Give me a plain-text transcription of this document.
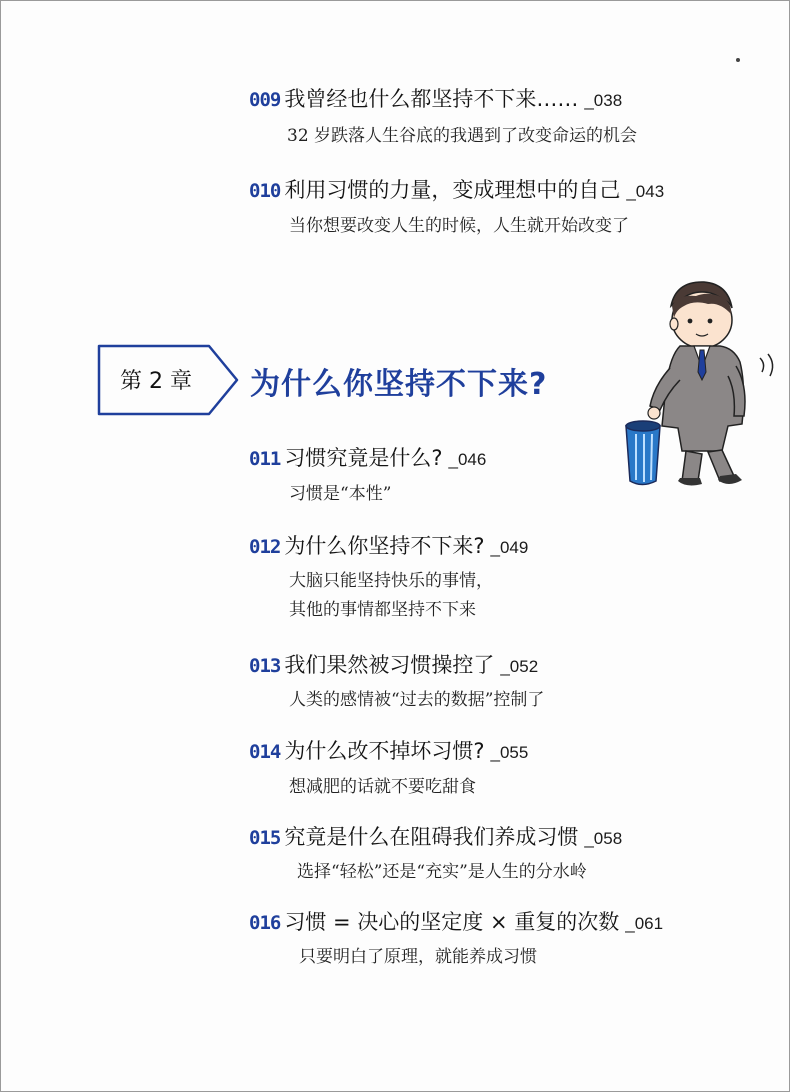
009 我曾经也什么都坚持不下来…… _038
32 岁跌落人生谷底的我遇到了改变命运的机会
010 利用习惯的力量，变成理想中的自己 _043
当你想要改变人生的时候，人生就开始改变了
第 2 章	为什么你坚持不下来?
011 习惯究竟是什么? _046
习惯是“本性”
012 为什么你坚持不下来? _049
大脑只能坚持快乐的事情，
其他的事情都坚持不下来
013 我们果然被习惯操控了 _052
人类的感情被“过去的数据”控制了
014 为什么改不掉坏习惯? _055
想减肥的话就不要吃甜食
015 究竟是什么在阻碍我们养成习惯 _058
选择“轻松”还是“充实”是人生的分水岭
016 习惯 = 决心的坚定度 × 重复的次数 _061
只要明白了原理，就能养成习惯
